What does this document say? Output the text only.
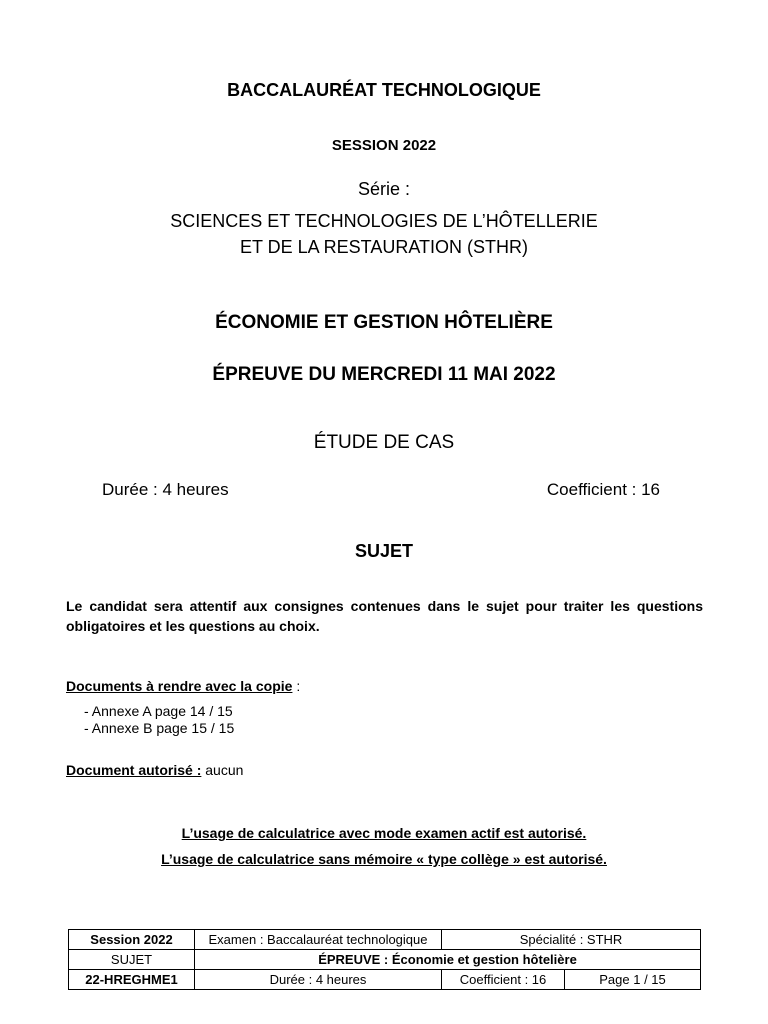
BACCALAURÉAT TECHNOLOGIQUE
SESSION 2022
Série :
SCIENCES ET TECHNOLOGIES DE L’HÔTELLERIE
ET DE LA RESTAURATION (STHR)
ÉCONOMIE ET GESTION HÔTELIÈRE
ÉPREUVE DU MERCREDI 11 MAI 2022
ÉTUDE DE CAS
Durée : 4 heures	Coefficient : 16
SUJET
Le candidat sera attentif aux consignes contenues dans le sujet pour traiter les questions obligatoires et les questions au choix.
Documents à rendre avec la copie :
- Annexe A page 14 / 15
- Annexe B page 15 / 15
Document autorisé : aucun
L’usage de calculatrice avec mode examen actif est autorisé.
L’usage de calculatrice sans mémoire « type collège » est autorisé.
Session 2022	Examen : Baccalauréat technologique	Spécialité : STHR	
SUJET	ÉPREUVE : Économie et gestion hôtelière		
22-HREGHME1	Durée : 4 heures	Coefficient : 16	Page 1 / 15
